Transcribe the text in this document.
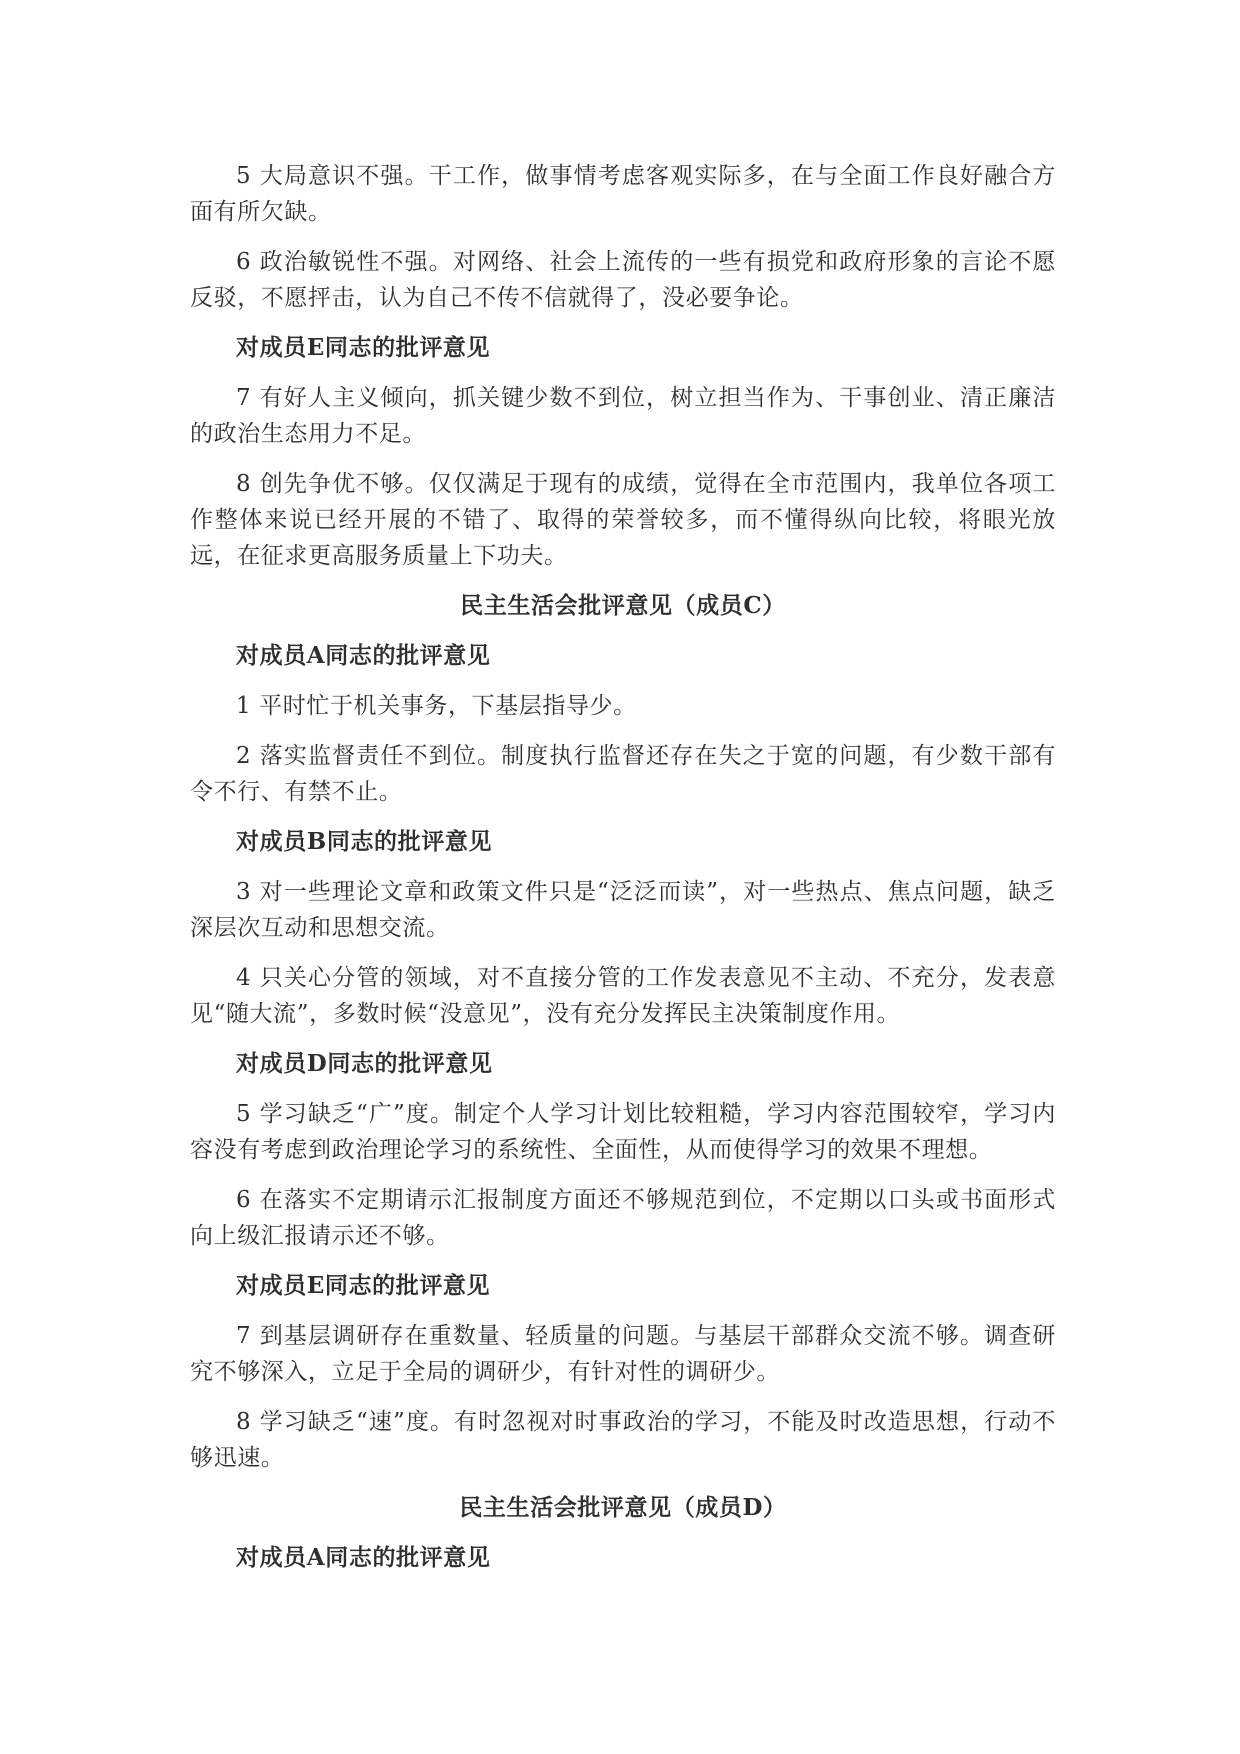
5 大局意识不强。干工作，做事情考虑客观实际多，在与全面工作良好融合方面有所欠缺。

6 政治敏锐性不强。对网络、社会上流传的一些有损党和政府形象的言论不愿反驳，不愿抨击，认为自己不传不信就得了，没必要争论。

对成员E同志的批评意见

7 有好人主义倾向，抓关键少数不到位，树立担当作为、干事创业、清正廉洁的政治生态用力不足。

8 创先争优不够。仅仅满足于现有的成绩，觉得在全市范围内，我单位各项工作整体来说已经开展的不错了、取得的荣誉较多，而不懂得纵向比较，将眼光放远，在征求更高服务质量上下功夫。

民主生活会批评意见（成员C）

对成员A同志的批评意见

1 平时忙于机关事务，下基层指导少。

2 落实监督责任不到位。制度执行监督还存在失之于宽的问题，有少数干部有令不行、有禁不止。

对成员B同志的批评意见

3 对一些理论文章和政策文件只是“泛泛而读”，对一些热点、焦点问题，缺乏深层次互动和思想交流。

4 只关心分管的领域，对不直接分管的工作发表意见不主动、不充分，发表意见“随大流”，多数时候“没意见”，没有充分发挥民主决策制度作用。

对成员D同志的批评意见

5 学习缺乏“广”度。制定个人学习计划比较粗糙，学习内容范围较窄，学习内容没有考虑到政治理论学习的系统性、全面性，从而使得学习的效果不理想。

6 在落实不定期请示汇报制度方面还不够规范到位，不定期以口头或书面形式向上级汇报请示还不够。

对成员E同志的批评意见

7 到基层调研存在重数量、轻质量的问题。与基层干部群众交流不够。调查研究不够深入，立足于全局的调研少，有针对性的调研少。

8 学习缺乏“速”度。有时忽视对时事政治的学习，不能及时改造思想，行动不够迅速。

民主生活会批评意见（成员D）

对成员A同志的批评意见
